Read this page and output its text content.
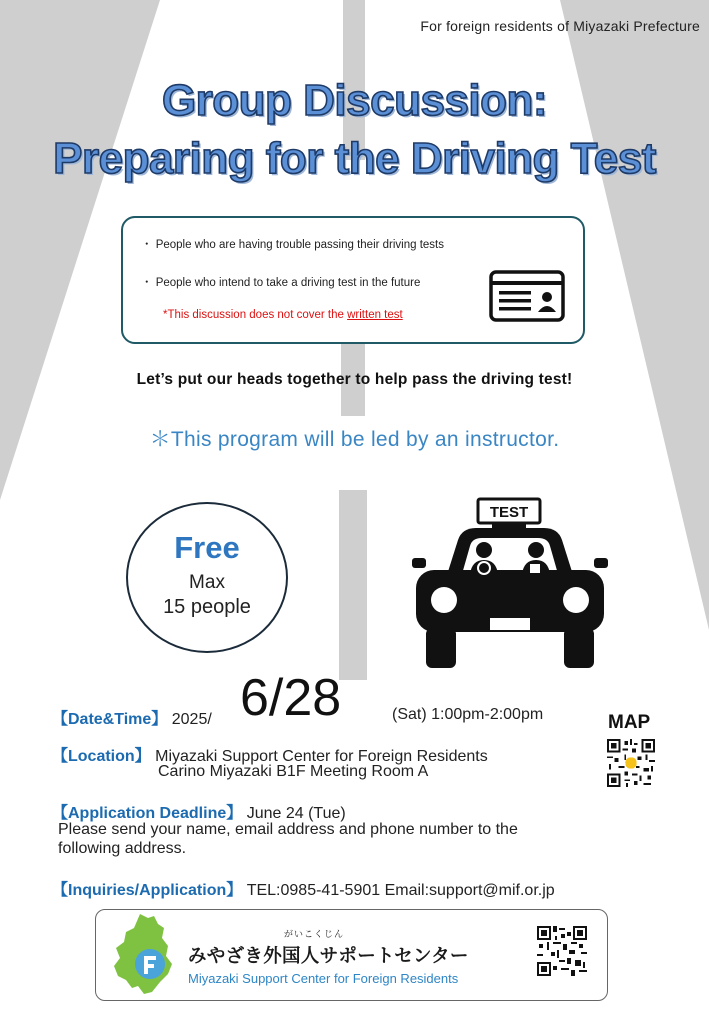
For foreign residents of Miyazaki Prefecture
Group Discussion:
Preparing for the Driving Test
・ People who are having trouble passing their driving tests
・ People who intend to take a driving test in the future
*This discussion does not cover the written test
Let’s put our heads together to help pass the driving test!
＊This program will be led by an instructor.
Free
Max
15 people
TEST
【Date&Time】 2025/ 6/28	(Sat) 1:00pm-2:00pm
【Location】 Miyazaki Support Center for Foreign Residents
Carino Miyazaki B1F Meeting Room A
MAP
【Application Deadline】 June 24 (Tue)
Please send your name, email address and phone number to the
following address.
【Inquiries/Application】 TEL:0985-41-5901 Email:support@mif.or.jp
がいこくじん
みやざき外国人サポートセンター
Miyazaki Support Center for Foreign Residents
